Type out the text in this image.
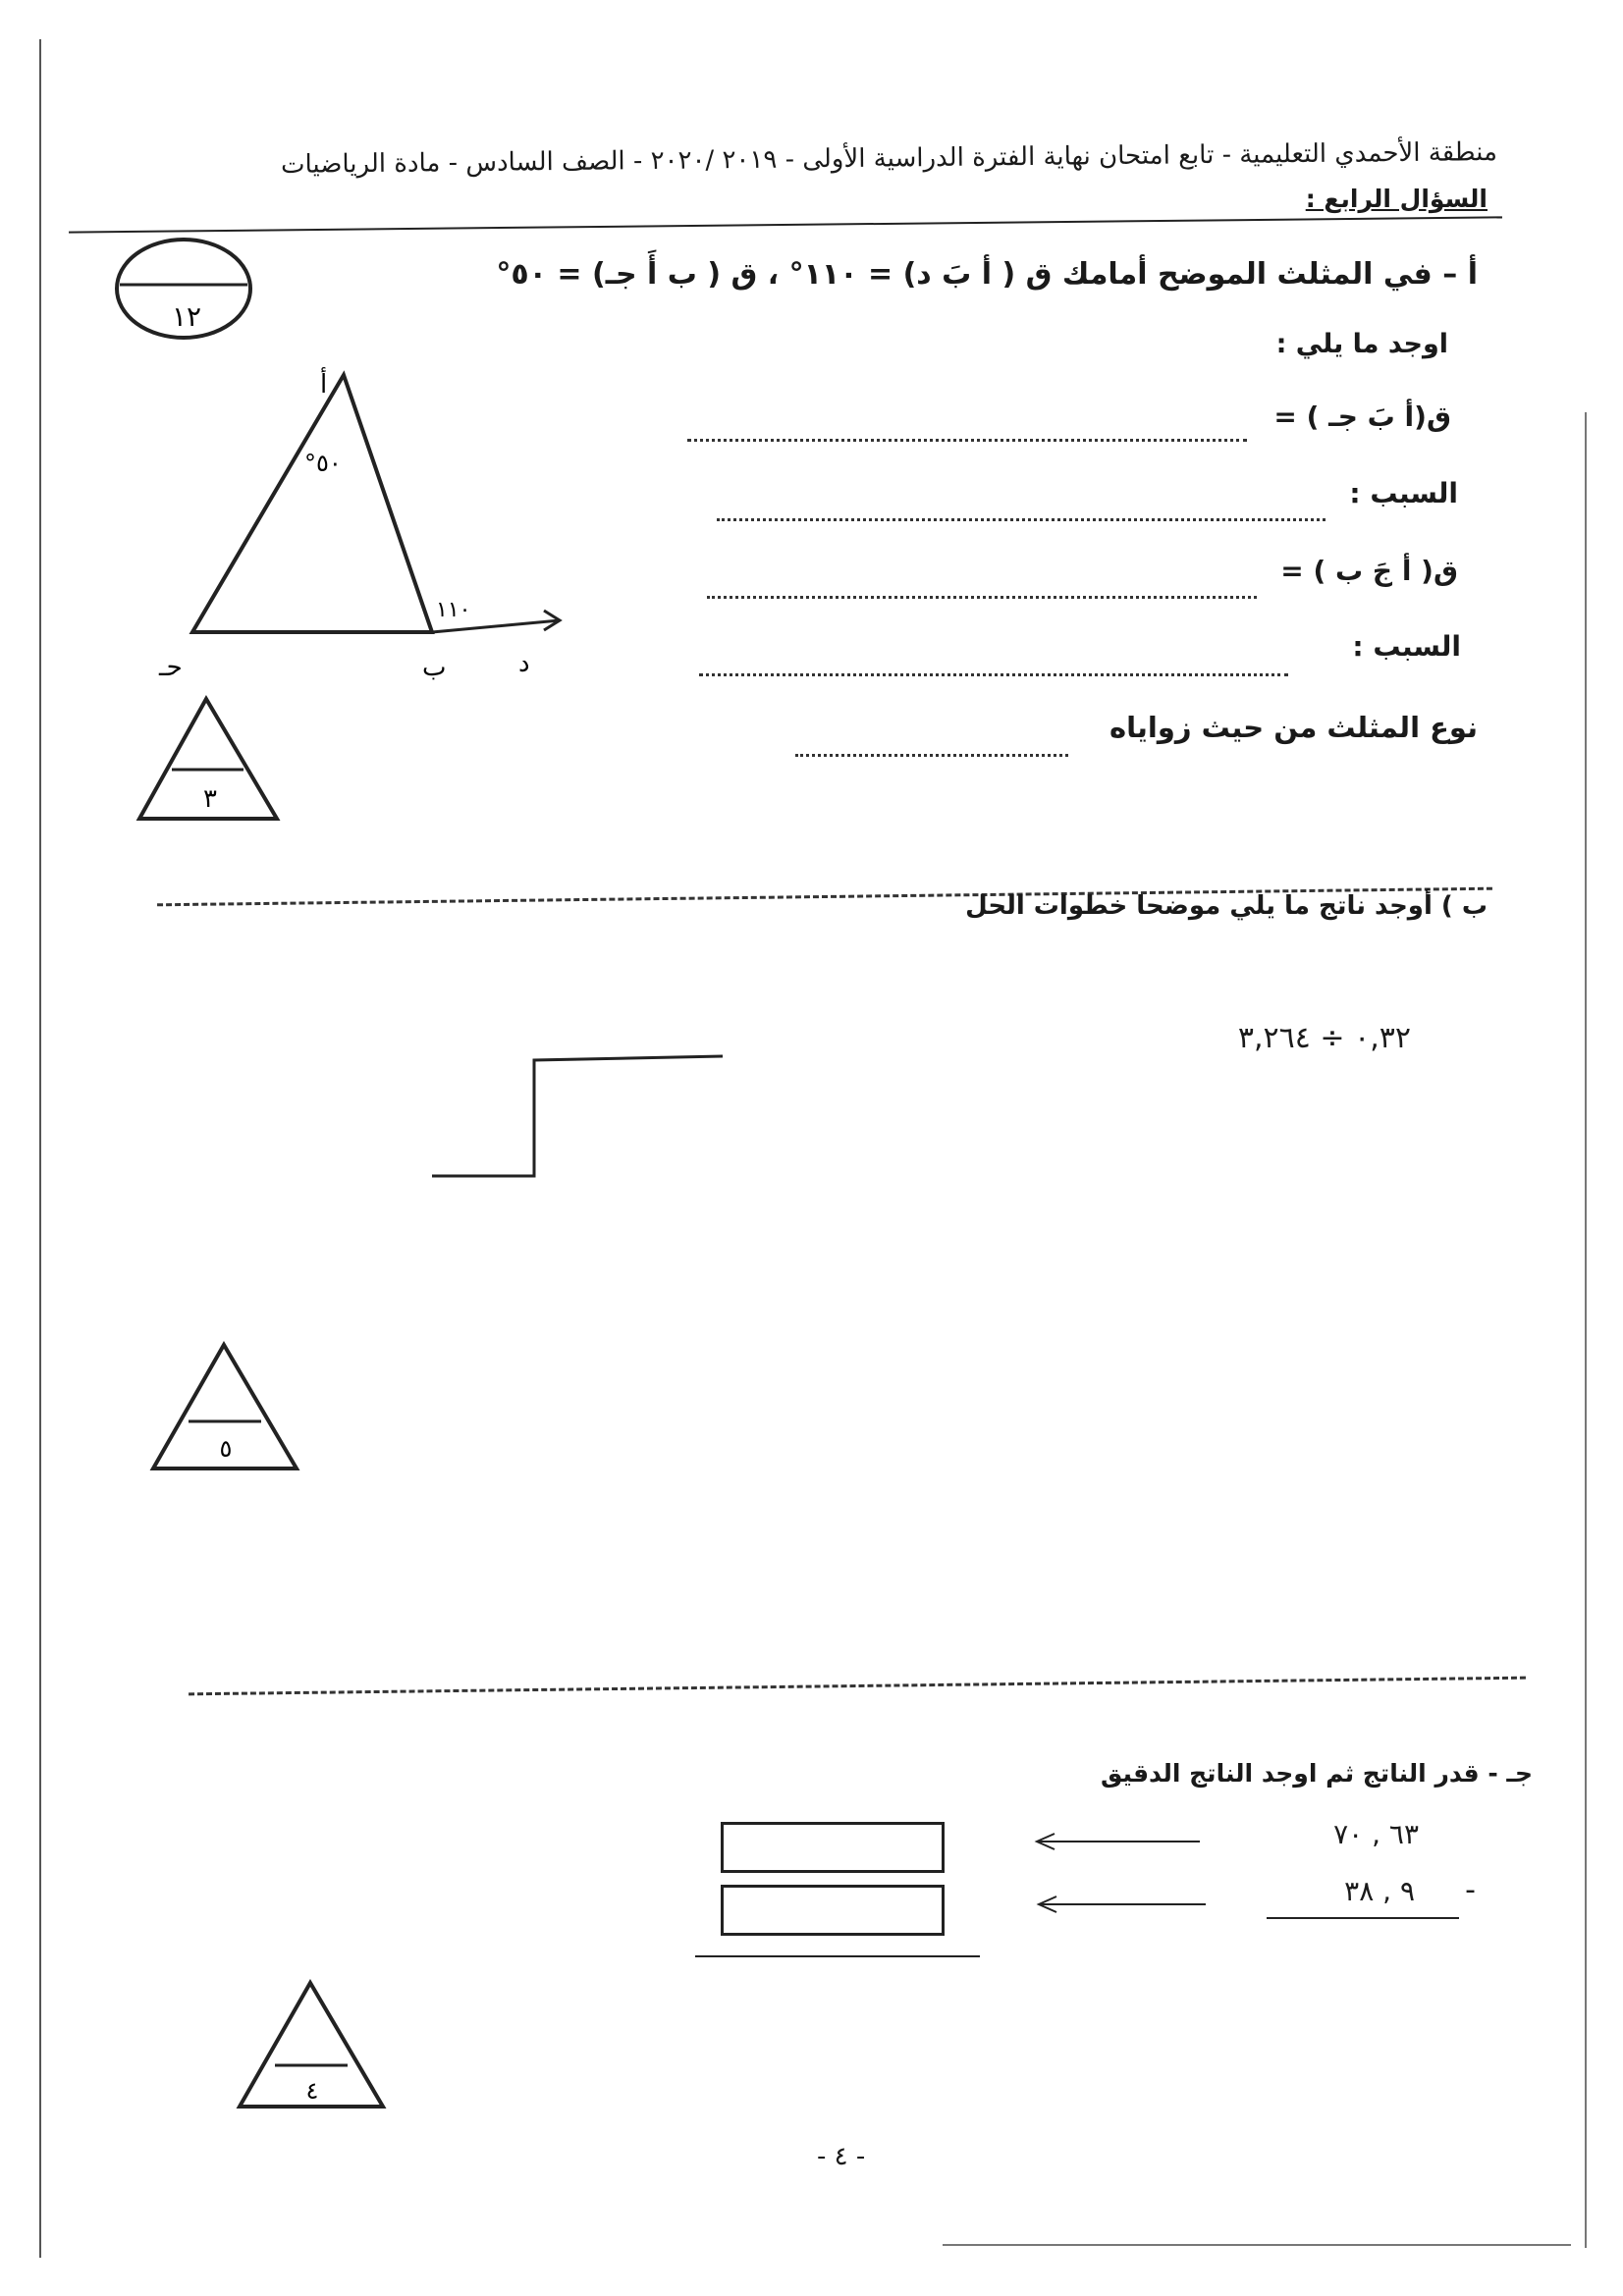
منطقة الأحمدي التعليمية - تابع امتحان نهاية الفترة الدراسية الأولى - ٢٠١٩ /٢٠٢٠ - الصف السادس - مادة الرياضيات
السؤال الرابع :
١٢
أ – في المثلث الموضح أمامك ق ( أ بَ د) = ١١٠° ، ق ( ب أَ جـ) = ٥٠°
اوجد ما يلي :
ق(أ بَ جـ ) =
السبب :
ق( أ جَ ب ) =
السبب :
نوع المثلث من حيث زواياه
أ
°٥٠
١١٠
حـ	ب	د
٣
ب ) أوجد ناتج ما يلي موضحا خطوات الحل
٠,٣٢ ÷ ٣,٢٦٤
٥
جـ - قدر الناتج ثم اوجد الناتج الدقيق
٦٣ , ٧٠
٩ , ٣٨ -
٤
- ٤ -
